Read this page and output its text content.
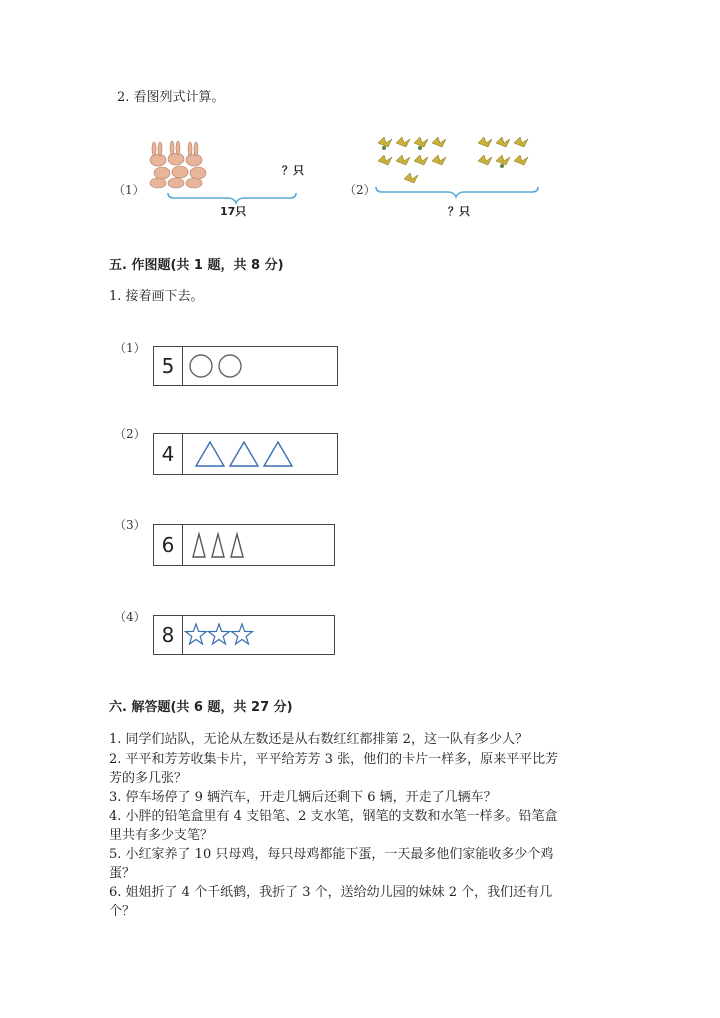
2. 看图列式计算。
（1）
？只
17只
（2）
？只
五. 作图题(共 1 题，共 8 分)
1. 接着画下去。
（1）
5
（2）
4
（3）
6
（4）
8
六. 解答题(共 6 题，共 27 分)
1. 同学们站队，无论从左数还是从右数红红都排第 2，这一队有多少人？
2. 平平和芳芳收集卡片，平平给芳芳 3 张，他们的卡片一样多，原来平平比芳
芳的多几张？
3. 停车场停了 9 辆汽车，开走几辆后还剩下 6 辆，开走了几辆车？
4. 小胖的铅笔盒里有 4 支铅笔、2 支水笔，钢笔的支数和水笔一样多。铅笔盒
里共有多少支笔？
5. 小红家养了 10 只母鸡，每只母鸡都能下蛋，一天最多他们家能收多少个鸡
蛋？
6. 姐姐折了 4 个千纸鹤，我折了 3 个，送给幼儿园的妹妹 2 个，我们还有几
个？
